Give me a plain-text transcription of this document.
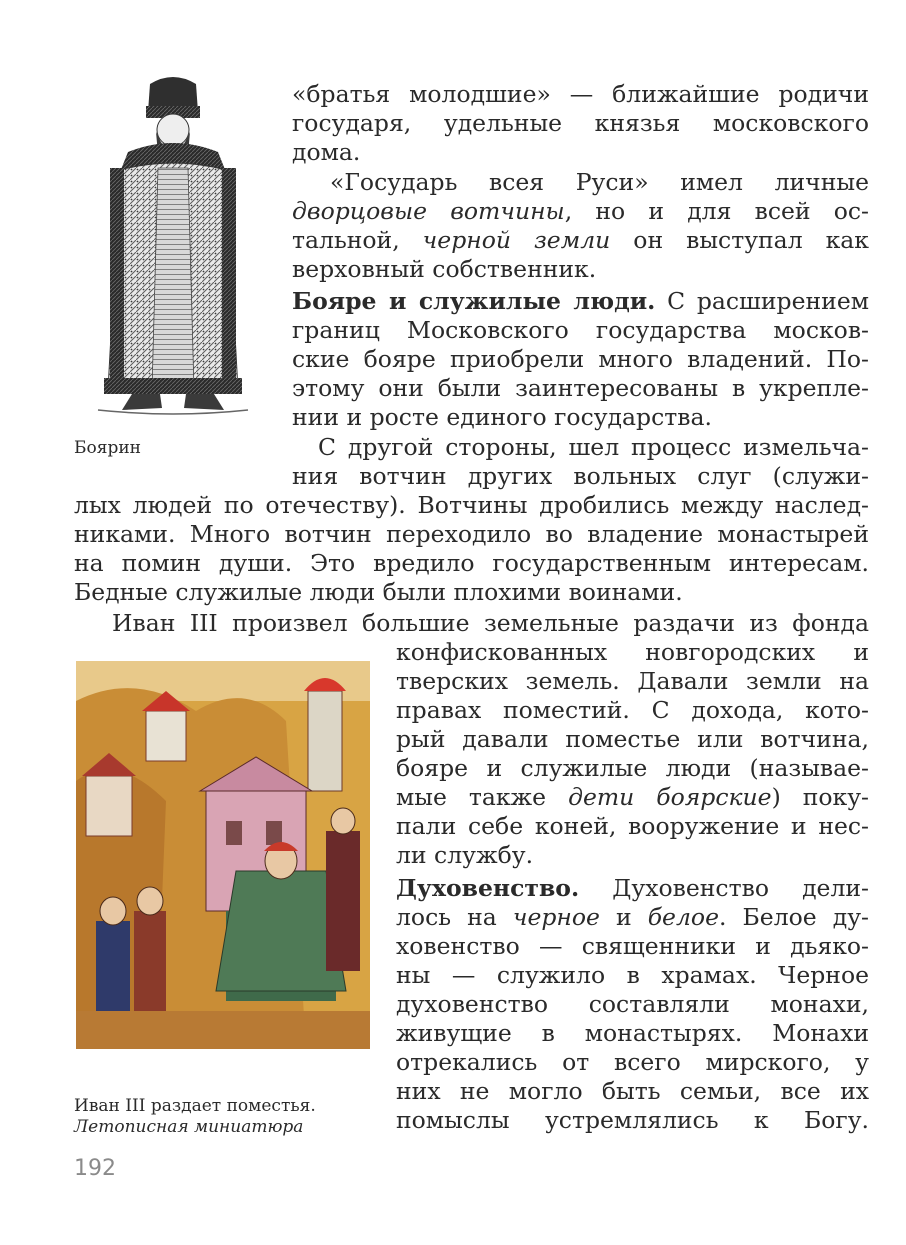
Боярин
Иван III раздает поместья.
Летописная миниатюра
«братья молодшие» — ближайшие родичи
государя, удельные князья московского
дома.
«Государь всея Руси» имел личные
дворцовые вотчины, но и для всей ос-
тальной, черной земли он выступал как
верховный собственник.
Бояре и служилые люди. С расширением
границ Московского государства москов-
ские бояре приобрели много владений. По-
этому они были заинтересованы в укрепле-
нии и росте единого государства.
С другой стороны, шел процесс измельча-
ния вотчин других вольных слуг (служи-
лых людей по отечеству). Вотчины дробились между наслед-
никами. Много вотчин переходило во владение монастырей
на помин души. Это вредило государственным интересам.
Бедные служилые люди были плохими воинами.
Иван III произвел большие земельные раздачи из фонда
конфискованных новгородских и
тверских земель. Давали земли на
правах поместий. С дохода, кото-
рый давали поместье или вотчина,
бояре и служилые люди (называе-
мые также дети боярские) поку-
пали себе коней, вооружение и нес-
ли службу.
Духовенство. Духовенство дели-
лось на черное и белое. Белое ду-
ховенство — священники и дьяко-
ны — служило в храмах. Черное
духовенство составляли монахи,
живущие в монастырях. Монахи
отрекались от всего мирского, у
них не могло быть семьи, все их
помыслы устремлялись к Богу.
192
